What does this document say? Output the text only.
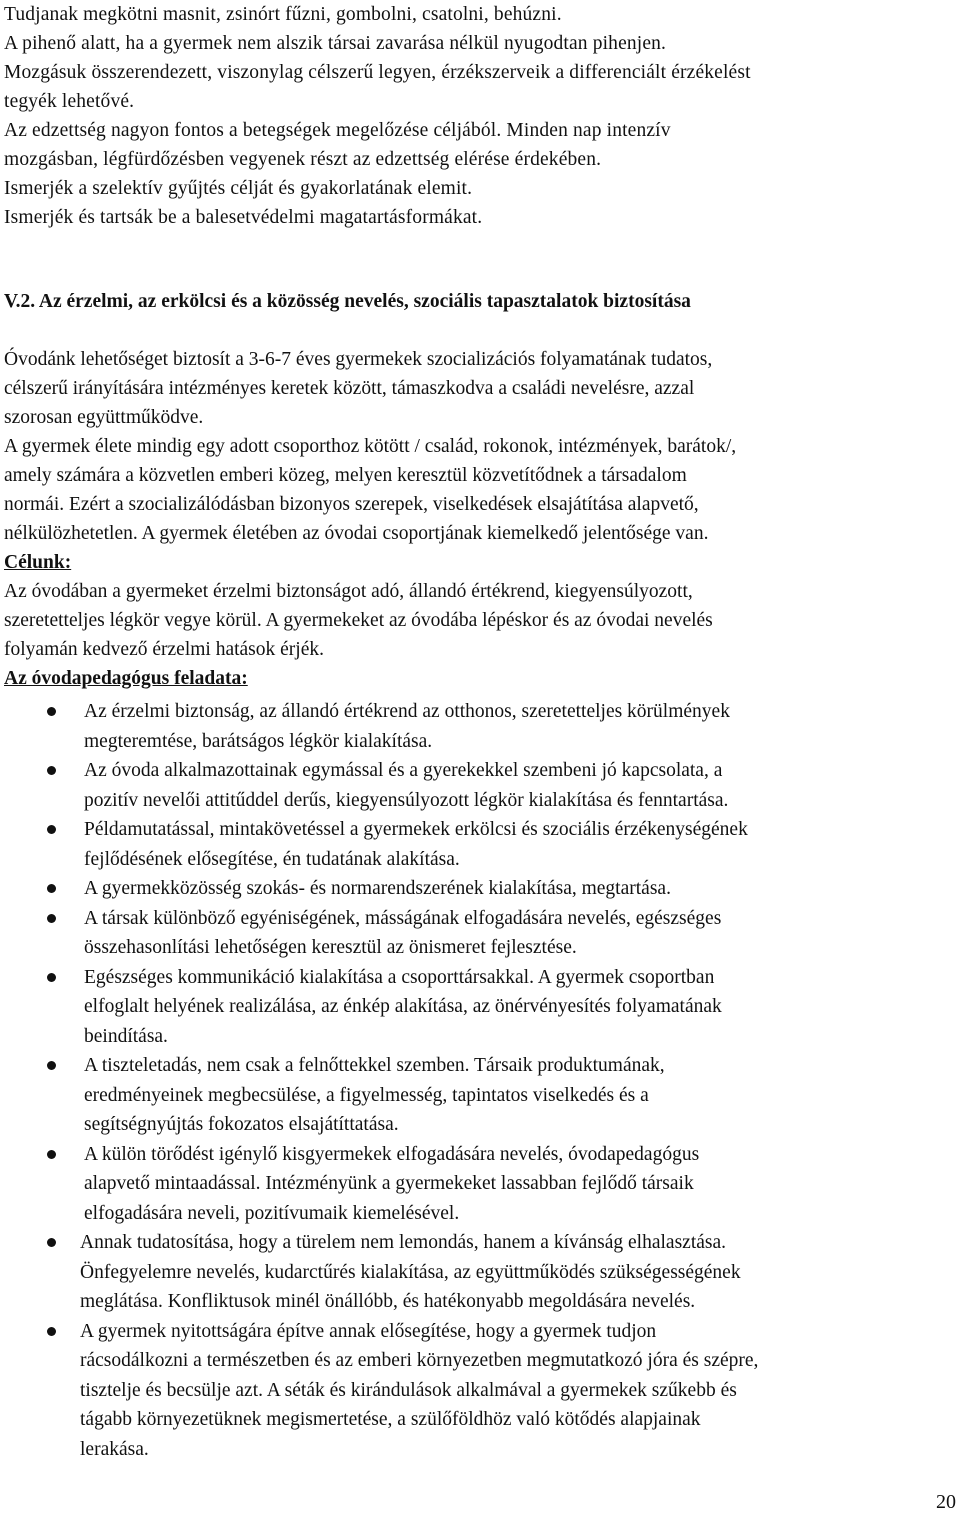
Tudjanak megkötni masnit, zsinórt fűzni, gombolni, csatolni, behúzni.

A pihenő alatt, ha a gyermek nem alszik társai zavarása nélkül nyugodtan pihenjen.

Mozgásuk összerendezett, viszonylag célszerű legyen, érzékszerveik a differenciált érzékelést

tegyék lehetővé.

Az edzettség nagyon fontos a betegségek megelőzése céljából. Minden nap intenzív

mozgásban, légfürdőzésben vegyenek részt az edzettség elérése érdekében.

Ismerjék a szelektív gyűjtés célját és gyakorlatának elemit.

Ismerjék és tartsák be a balesetvédelmi magatartásformákat.

V.2. Az érzelmi, az erkölcsi és a közösség nevelés, szociális tapasztalatok biztosítása

Óvodánk lehetőséget biztosít a 3-6-7 éves gyermekek szocializációs folyamatának tudatos,

célszerű irányítására intézményes keretek között, támaszkodva a családi nevelésre, azzal

szorosan együttműködve.

A gyermek élete mindig egy adott csoporthoz kötött / család, rokonok, intézmények, barátok/,

amely számára a közvetlen emberi közeg, melyen keresztül közvetítődnek a társadalom

normái. Ezért a szocializálódásban bizonyos szerepek, viselkedések elsajátítása alapvető,

nélkülözhetetlen. A gyermek életében az óvodai csoportjának kiemelkedő jelentősége van.

Célunk:

Az óvodában a gyermeket érzelmi biztonságot adó, állandó értékrend, kiegyensúlyozott,

szeretetteljes légkör vegye körül. A gyermekeket az óvodába lépéskor és az óvodai nevelés

folyamán kedvező érzelmi hatások érjék.

Az óvodapedagógus feladata:

Az érzelmi biztonság, az állandó értékrend az otthonos, szeretetteljes körülmények
megteremtése, barátságos légkör kialakítása.
Az óvoda alkalmazottainak egymással és a gyerekekkel szembeni jó kapcsolata, a
pozitív nevelői attitűddel derűs, kiegyensúlyozott légkör kialakítása és fenntartása.
Példamutatással, mintakövetéssel a gyermekek erkölcsi és szociális érzékenységének
fejlődésének elősegítése, én tudatának alakítása.
A gyermekközösség szokás- és normarendszerének kialakítása, megtartása.
A társak különböző egyéniségének, másságának elfogadására nevelés, egészséges
összehasonlítási lehetőségen keresztül az önismeret fejlesztése.
Egészséges kommunikáció kialakítása a csoporttársakkal. A gyermek csoportban
elfoglalt helyének realizálása, az énkép alakítása, az önérvényesítés folyamatának
beindítása.
A tiszteletadás, nem csak a felnőttekkel szemben. Társaik produktumának,
eredményeinek megbecsülése, a figyelmesség, tapintatos viselkedés és a
segítségnyújtás fokozatos elsajátíttatása.
A külön törődést igénylő kisgyermekek elfogadására nevelés, óvodapedagógus
alapvető mintaadással. Intézményünk a gyermekeket lassabban fejlődő társaik
elfogadására neveli, pozitívumaik kiemelésével.
Annak tudatosítása, hogy a türelem nem lemondás, hanem a kívánság elhalasztása.
Önfegyelemre nevelés, kudarctűrés kialakítása, az együttműködés szükségességének
meglátása. Konfliktusok minél önállóbb, és hatékonyabb megoldására nevelés.
A gyermek nyitottságára építve annak elősegítése, hogy a gyermek tudjon
rácsodálkozni a természetben és az emberi környezetben megmutatkozó jóra és szépre,
tisztelje és becsülje azt. A séták és kirándulások alkalmával a gyermekek szűkebb és
tágabb környezetüknek megismertetése, a szülőföldhöz való kötődés alapjainak
lerakása.
20
